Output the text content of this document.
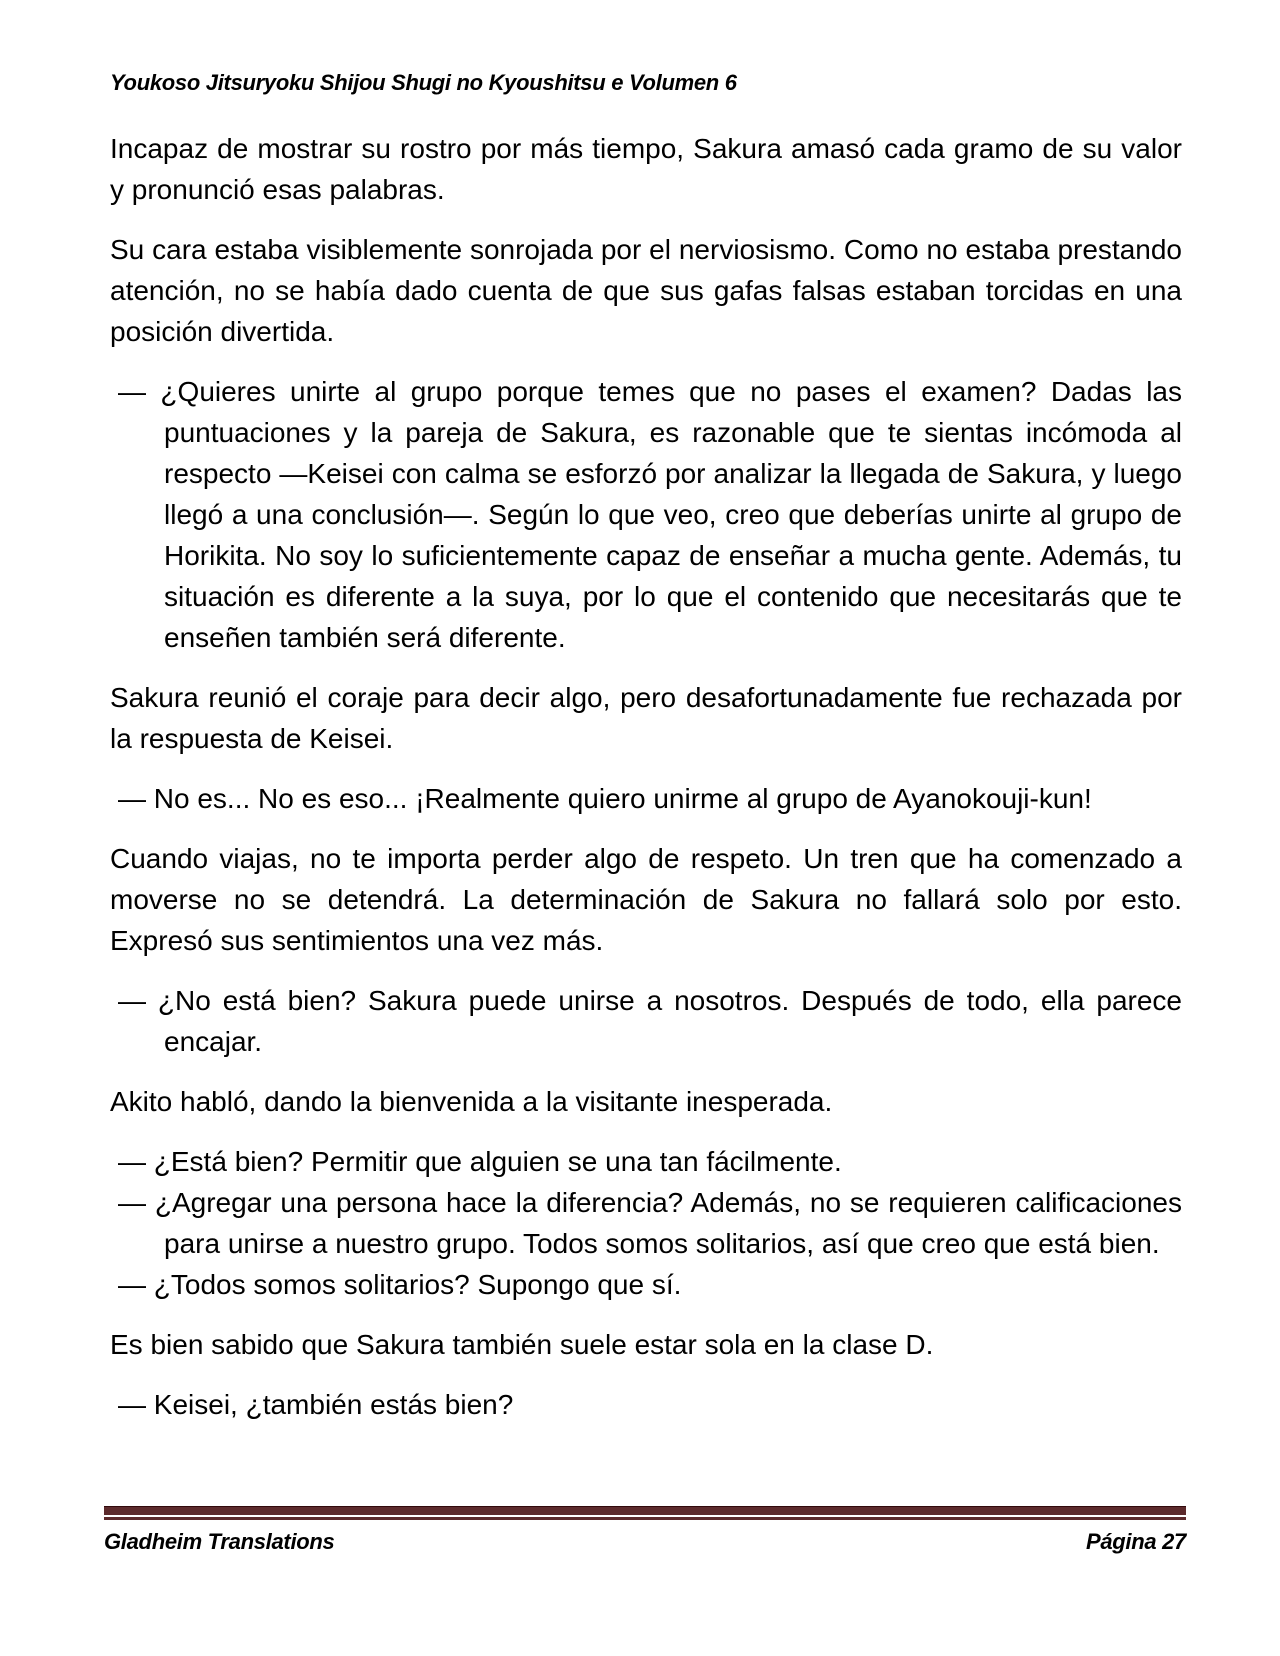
Youkoso Jitsuryoku Shijou Shugi no Kyoushitsu e Volumen 6

Incapaz de mostrar su rostro por más tiempo, Sakura amasó cada gramo de su valor y pronunció esas palabras.

Su cara estaba visiblemente sonrojada por el nerviosismo. Como no estaba prestando atención, no se había dado cuenta de que sus gafas falsas estaban torcidas en una posición divertida.

— ¿Quieres unirte al grupo porque temes que no pases el examen? Dadas las puntuaciones y la pareja de Sakura, es razonable que te sientas incómoda al respecto —Keisei con calma se esforzó por analizar la llegada de Sakura, y luego llegó a una conclusión—. Según lo que veo, creo que deberías unirte al grupo de Horikita. No soy lo suficientemente capaz de enseñar a mucha gente. Además, tu situación es diferente a la suya, por lo que el contenido que necesitarás que te enseñen también será diferente.

Sakura reunió el coraje para decir algo, pero desafortunadamente fue rechazada por la respuesta de Keisei.

— No es... No es eso... ¡Realmente quiero unirme al grupo de Ayanokouji-kun!

Cuando viajas, no te importa perder algo de respeto. Un tren que ha comenzado a moverse no se detendrá. La determinación de Sakura no fallará solo por esto. Expresó sus sentimientos una vez más.

— ¿No está bien? Sakura puede unirse a nosotros. Después de todo, ella parece encajar.

Akito habló, dando la bienvenida a la visitante inesperada.

— ¿Está bien? Permitir que alguien se una tan fácilmente.

— ¿Agregar una persona hace la diferencia? Además, no se requieren calificaciones para unirse a nuestro grupo. Todos somos solitarios, así que creo que está bien.

— ¿Todos somos solitarios? Supongo que sí.

Es bien sabido que Sakura también suele estar sola en la clase D.

— Keisei, ¿también estás bien?

Gladheim Translations	Página 27
